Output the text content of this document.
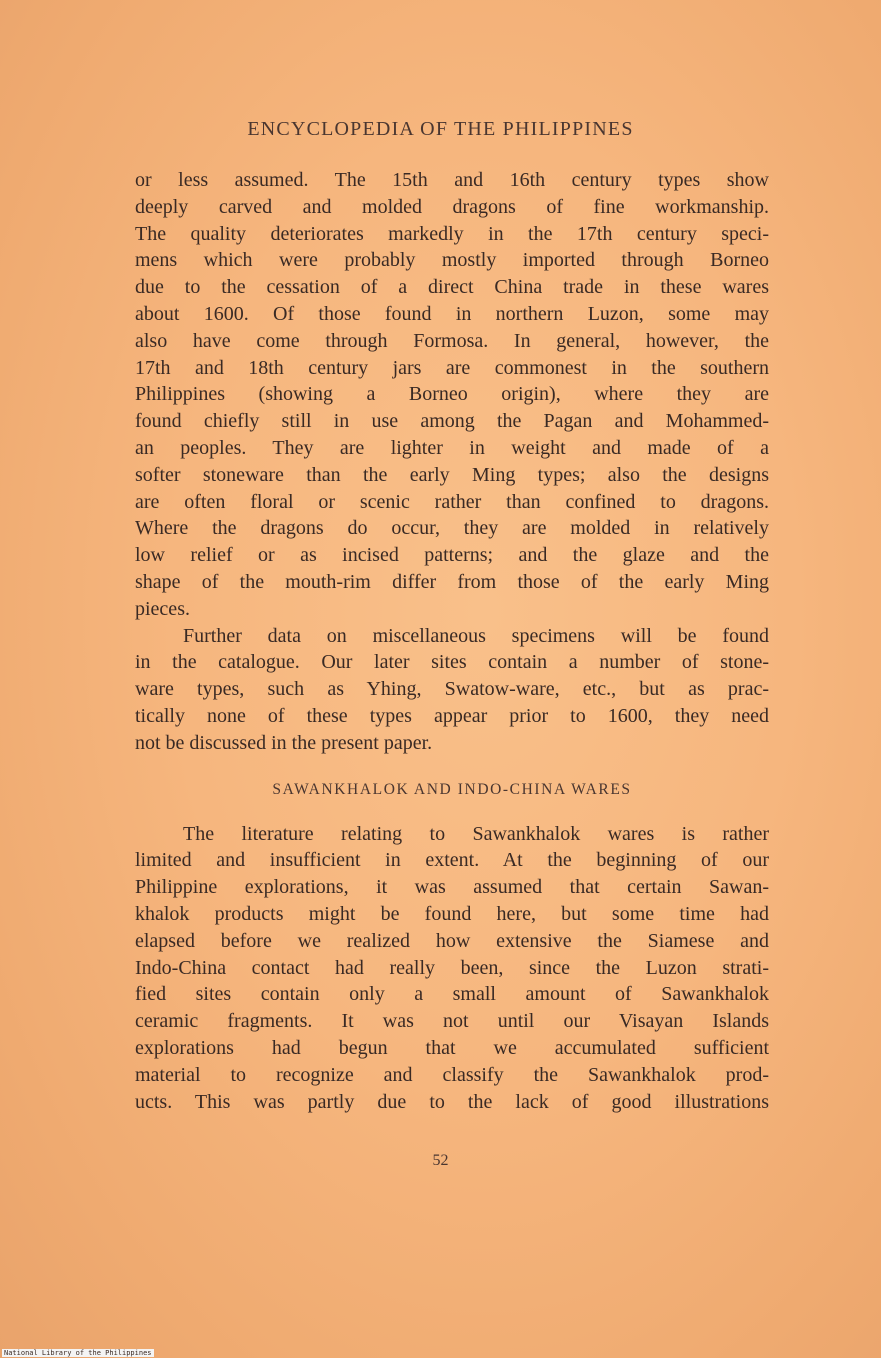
ENCYCLOPEDIA OF THE PHILIPPINES
or less assumed. The 15th and 16th century types show
deeply carved and molded dragons of fine workmanship.
The quality deteriorates markedly in the 17th century speci-
mens which were probably mostly imported through Borneo
due to the cessation of a direct China trade in these wares
about 1600. Of those found in northern Luzon, some may
also have come through Formosa. In general, however, the
17th and 18th century jars are commonest in the southern
Philippines (showing a Borneo origin), where they are
found chiefly still in use among the Pagan and Mohammed-
an peoples. They are lighter in weight and made of a
softer stoneware than the early Ming types; also the designs
are often floral or scenic rather than confined to dragons.
Where the dragons do occur, they are molded in relatively
low relief or as incised patterns; and the glaze and the
shape of the mouth-rim differ from those of the early Ming
pieces.
Further data on miscellaneous specimens will be found
in the catalogue. Our later sites contain a number of stone-
ware types, such as Yhing, Swatow-ware, etc., but as prac-
tically none of these types appear prior to 1600, they need
not be discussed in the present paper.
SAWANKHALOK AND INDO-CHINA WARES
The literature relating to Sawankhalok wares is rather
limited and insufficient in extent. At the beginning of our
Philippine explorations, it was assumed that certain Sawan-
khalok products might be found here, but some time had
elapsed before we realized how extensive the Siamese and
Indo-China contact had really been, since the Luzon strati-
fied sites contain only a small amount of Sawankhalok
ceramic fragments. It was not until our Visayan Islands
explorations had begun that we accumulated sufficient
material to recognize and classify the Sawankhalok prod-
ucts. This was partly due to the lack of good illustrations
52
National Library of the Philippines
